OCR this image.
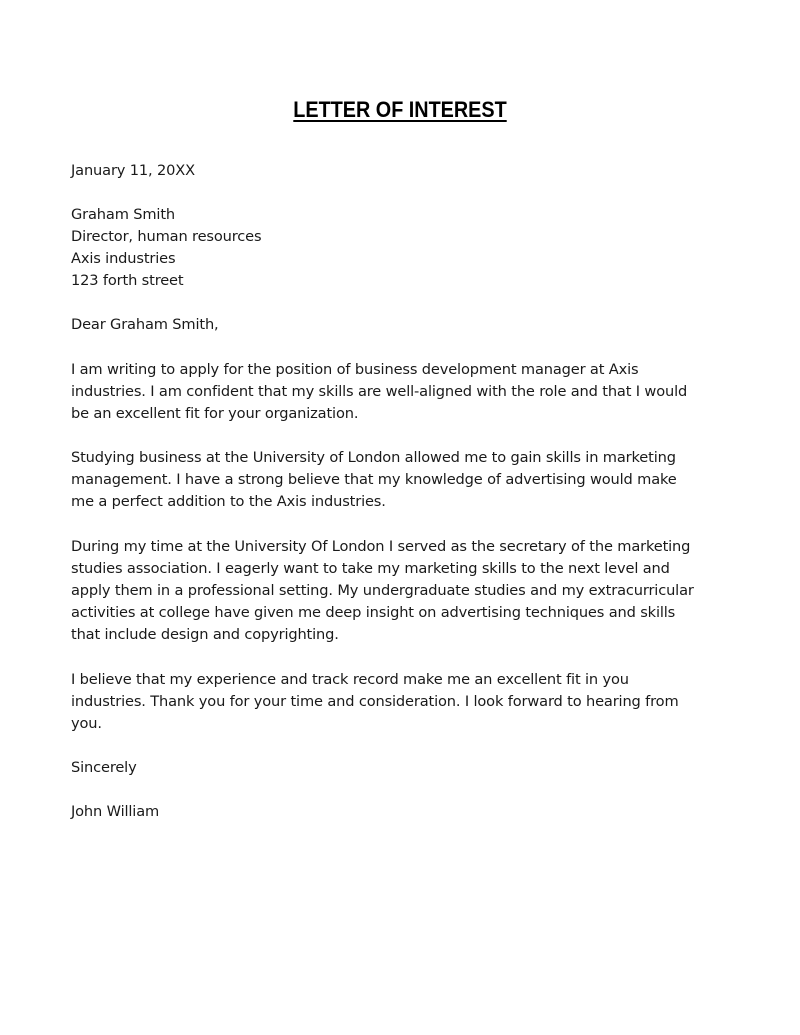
LETTER OF INTEREST

January 11, 20XX

Graham Smith
Director, human resources
Axis industries
123 forth street

Dear Graham Smith,

I am writing to apply for the position of business development manager at Axis
industries. I am confident that my skills are well-aligned with the role and that I would
be an excellent fit for your organization.
Studying business at the University of London allowed me to gain skills in marketing
management. I have a strong believe that my knowledge of advertising would make
me a perfect addition to the Axis industries.
During my time at the University Of London I served as the secretary of the marketing
studies association. I eagerly want to take my marketing skills to the next level and
apply them in a professional setting. My undergraduate studies and my extracurricular
activities at college have given me deep insight on advertising techniques and skills
that include design and copyrighting.
I believe that my experience and track record make me an excellent fit in you
industries. Thank you for your time and consideration. I look forward to hearing from
you.

Sincerely

John William
